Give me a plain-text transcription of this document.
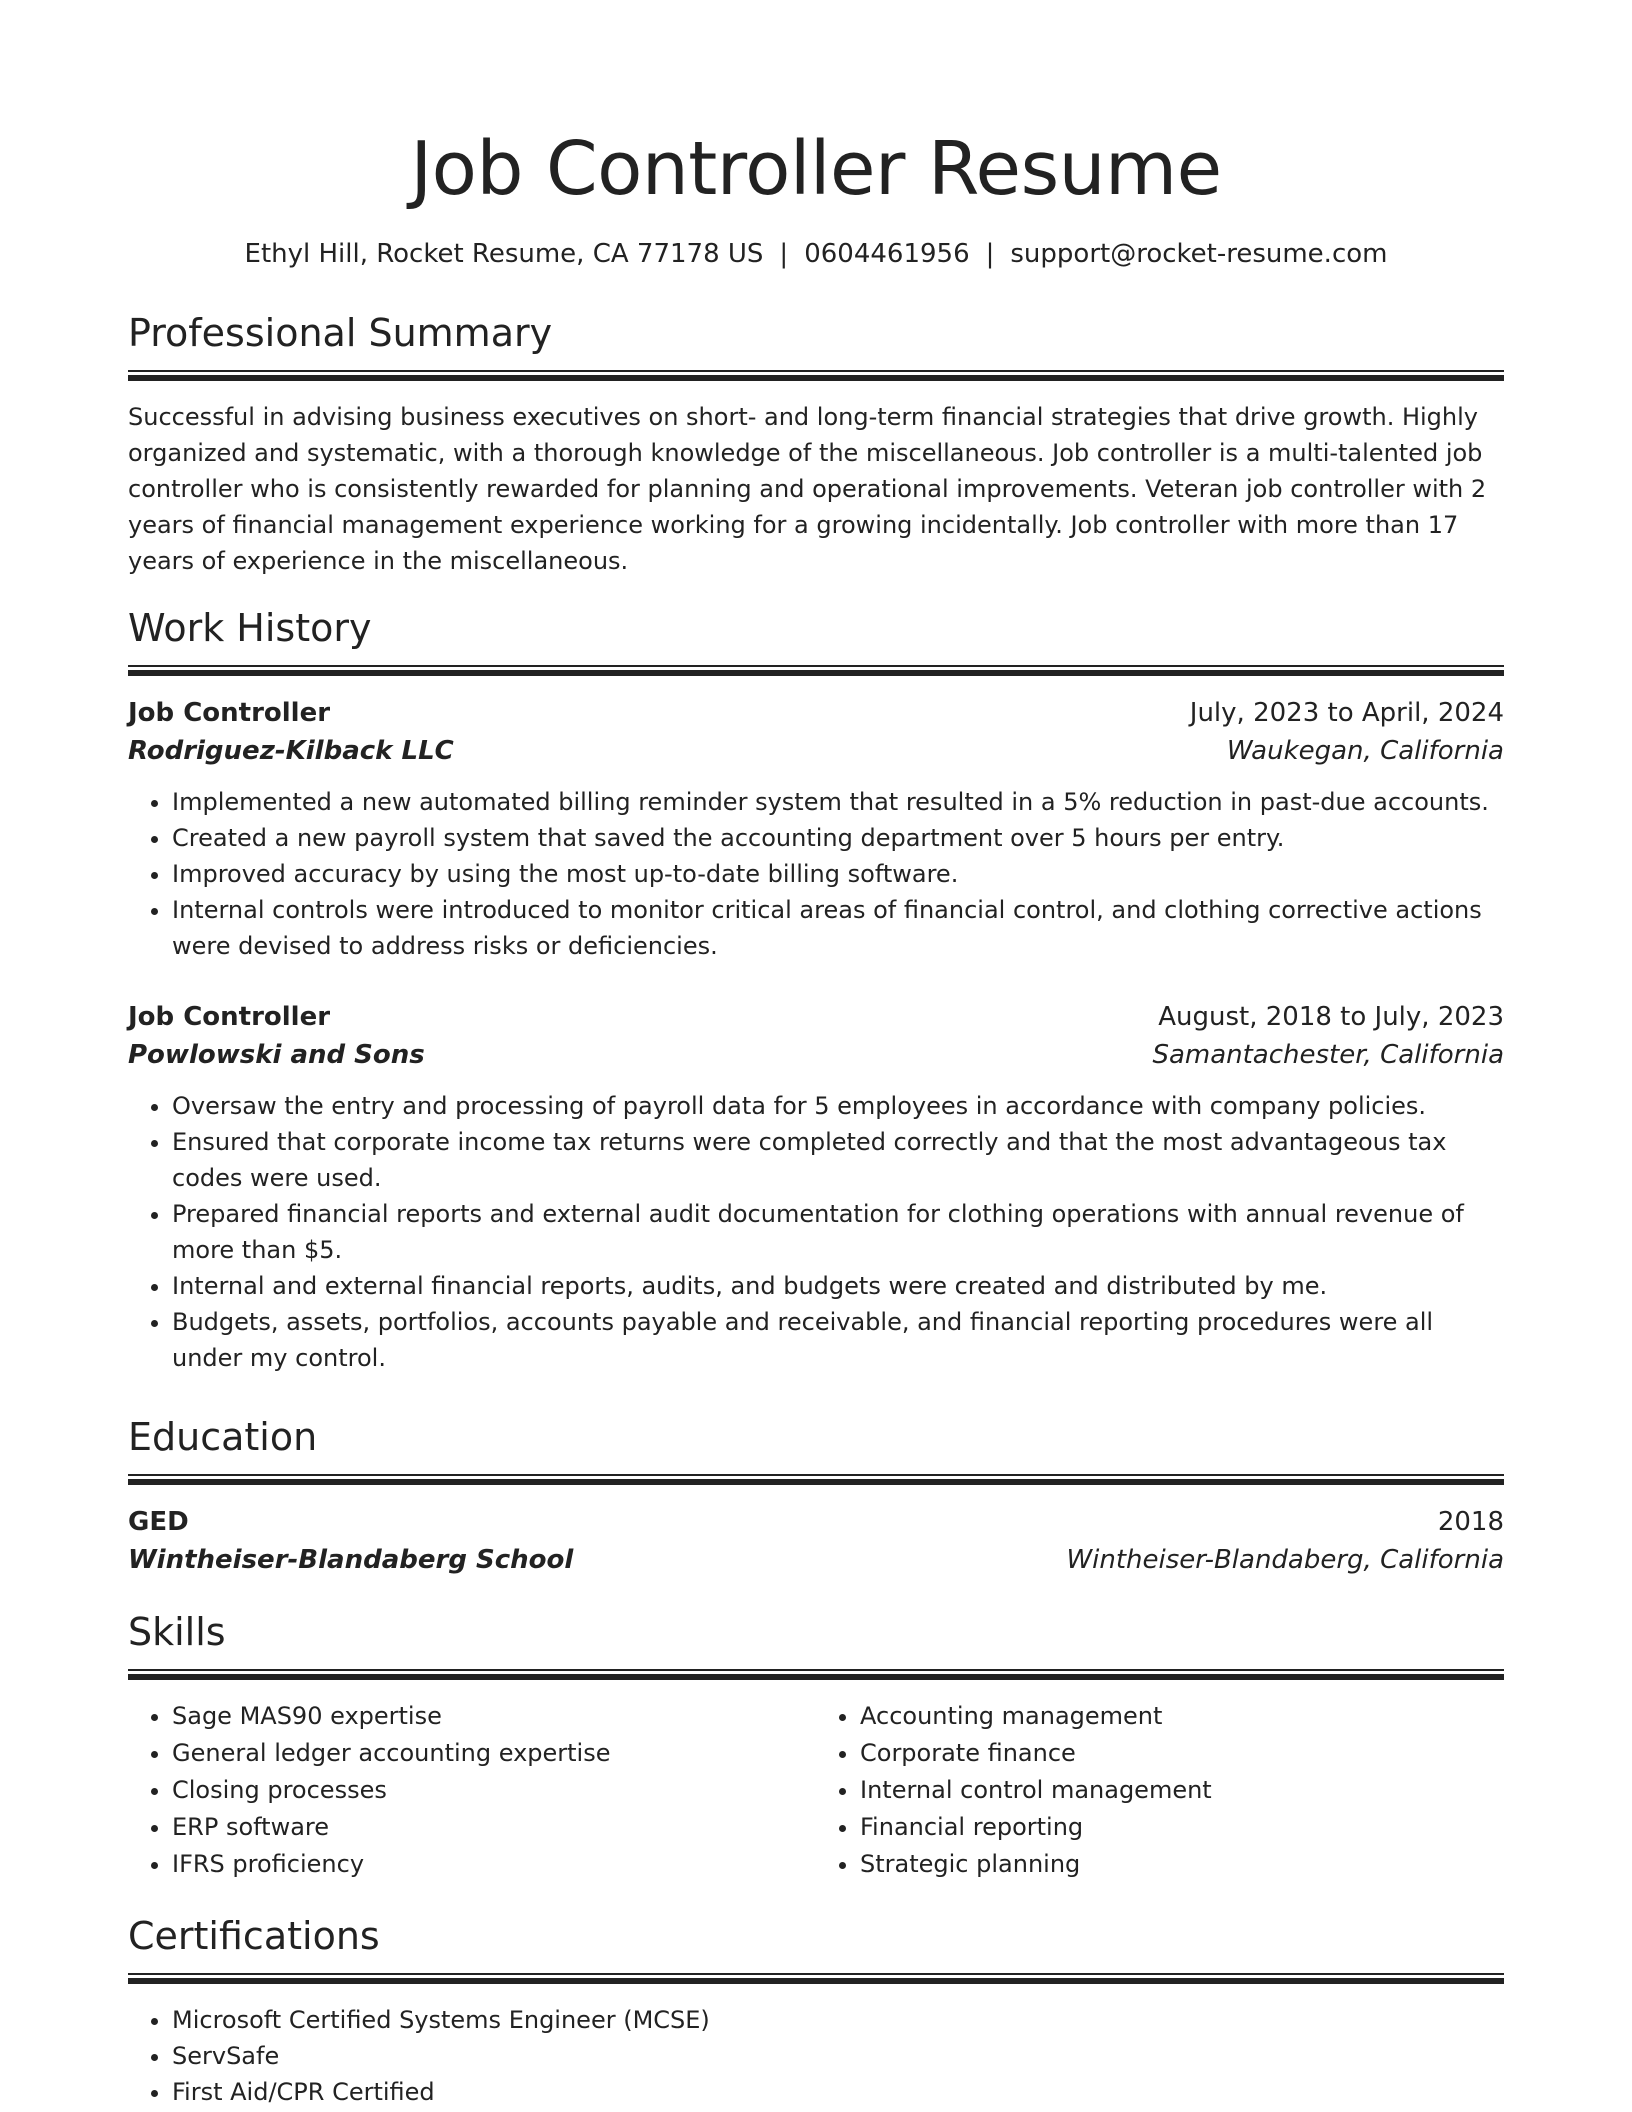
Job Controller Resume
Ethyl Hill, Rocket Resume, CA 77178 US | 0604461956 | support@rocket-resume.com
Professional Summary

Successful in advising business executives on short- and long-term financial strategies that drive growth. Highly organized and systematic, with a thorough knowledge of the miscellaneous. Job controller is a multi-talented job controller who is consistently rewarded for planning and operational improvements. Veteran job controller with 2 years of financial management experience working for a growing incidentally. Job controller with more than 17 years of experience in the miscellaneous.

Work History
Job Controller	July, 2023 to April, 2024
Rodriguez-Kilback LLC	Waukegan, California
• Implemented a new automated billing reminder system that resulted in a 5% reduction in past-due accounts.
• Created a new payroll system that saved the accounting department over 5 hours per entry.
• Improved accuracy by using the most up-to-date billing software.
• Internal controls were introduced to monitor critical areas of financial control, and clothing corrective actions were devised to address risks or deficiencies.
Job Controller	August, 2018 to July, 2023
Powlowski and Sons	Samantachester, California
• Oversaw the entry and processing of payroll data for 5 employees in accordance with company policies.
• Ensured that corporate income tax returns were completed correctly and that the most advantageous tax codes were used.
• Prepared financial reports and external audit documentation for clothing operations with annual revenue of more than $5.
• Internal and external financial reports, audits, and budgets were created and distributed by me.
• Budgets, assets, portfolios, accounts payable and receivable, and financial reporting procedures were all under my control.
Education
GED	2018
Wintheiser-Blandaberg School	Wintheiser-Blandaberg, California
Skills
• Sage MAS90 expertise
• General ledger accounting expertise
• Closing processes
• ERP software
• IFRS proficiency
• Accounting management
• Corporate finance
• Internal control management
• Financial reporting
• Strategic planning
Certifications
• Microsoft Certified Systems Engineer (MCSE)
• ServSafe
• First Aid/CPR Certified
